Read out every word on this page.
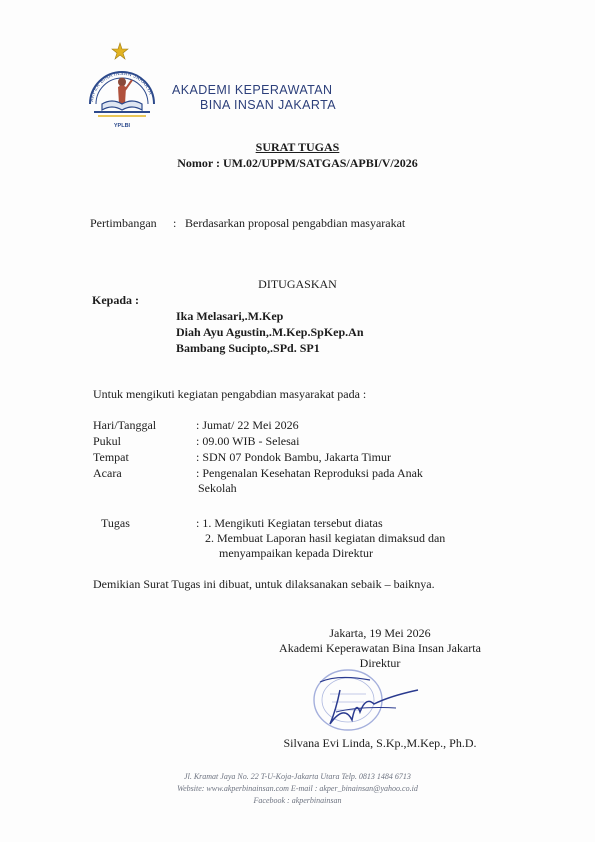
AKPER BINA INSAN JAKARTA
YPLBI
AKADEMI KEPERAWATAN
BINA INSAN JAKARTA
SURAT TUGAS
Nomor : UM.02/UPPM/SATGAS/APBI/V/2026
Pertimbangan : Berdasarkan proposal pengabdian masyarakat
DITUGASKAN
Kepada :
Ika Melasari,.M.Kep
Diah Ayu Agustin,.M.Kep.SpKep.An
Bambang Sucipto,.SPd. SP1
Untuk mengikuti kegiatan pengabdian masyarakat pada :
Hari/Tanggal	: Jumat/ 22 Mei 2026
Pukul	: 09.00 WIB - Selesai
Tempat	: SDN 07 Pondok Bambu, Jakarta Timur
Acara	: Pengenalan Kesehatan Reproduksi pada Anak
Sekolah
Tugas	: 1. Mengikuti Kegiatan tersebut diatas
2. Membuat Laporan hasil kegiatan dimaksud dan
menyampaikan kepada Direktur
Demikian Surat Tugas ini dibuat, untuk dilaksanakan sebaik – baiknya.
Jakarta, 19 Mei 2026
Akademi Keperawatan Bina Insan Jakarta
Direktur
Silvana Evi Linda, S.Kp.,M.Kep., Ph.D.
Jl. Kramat Jaya No. 22 T-U-Koja-Jakarta Utara Telp. 0813 1484 6713
Website: www.akperbinainsan.com E-mail : akper_binainsan@yahoo.co.id
Facebook : akperbinainsan
